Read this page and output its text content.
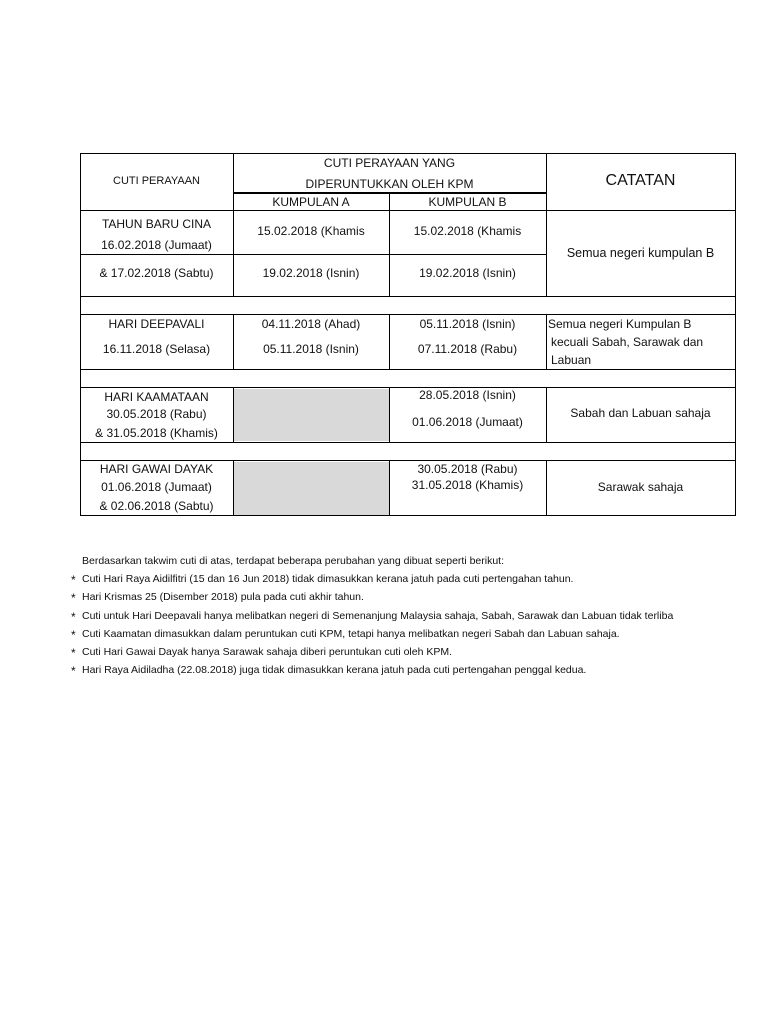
CUTI PERAYAAN
CUTI PERAYAAN YANG
DIPERUNTUKKAN OLEH KPM
KUMPULAN A	KUMPULAN B
CATATAN
TAHUN BARU CINA
16.02.2018 (Jumaat)
& 17.02.2018 (Sabtu)
15.02.2018 (Khamis
19.02.2018 (Isnin)
15.02.2018 (Khamis
19.02.2018 (Isnin)
Semua negeri kumpulan B
HARI DEEPAVALI
16.11.2018 (Selasa)
04.11.2018 (Ahad)
05.11.2018 (Isnin)
05.11.2018 (Isnin)
07.11.2018 (Rabu)
Semua negeri Kumpulan B
kecuali Sabah, Sarawak dan
Labuan
HARI KAAMATAAN
30.05.2018 (Rabu)
& 31.05.2018 (Khamis)
28.05.2018 (Isnin)
01.06.2018 (Jumaat)
Sabah dan Labuan sahaja
HARI GAWAI DAYAK
01.06.2018 (Jumaat)
& 02.06.2018 (Sabtu)
30.05.2018 (Rabu)
31.05.2018 (Khamis)	Sarawak sahaja
Berdasarkan takwim cuti di atas, terdapat beberapa perubahan yang dibuat seperti berikut:
* Cuti Hari Raya Aidilfitri (15 dan 16 Jun 2018) tidak dimasukkan kerana jatuh pada cuti pertengahan tahun.
* Hari Krismas 25 (Disember 2018) pula pada cuti akhir tahun.
* Cuti untuk Hari Deepavali hanya melibatkan negeri di Semenanjung Malaysia sahaja, Sabah, Sarawak dan Labuan tidak terliba
* Cuti Kaamatan dimasukkan dalam peruntukan cuti KPM, tetapi hanya melibatkan negeri Sabah dan Labuan sahaja.
* Cuti Hari Gawai Dayak hanya Sarawak sahaja diberi peruntukan cuti oleh KPM.
* Hari Raya Aidiladha (22.08.2018) juga tidak dimasukkan kerana jatuh pada cuti pertengahan penggal kedua.
